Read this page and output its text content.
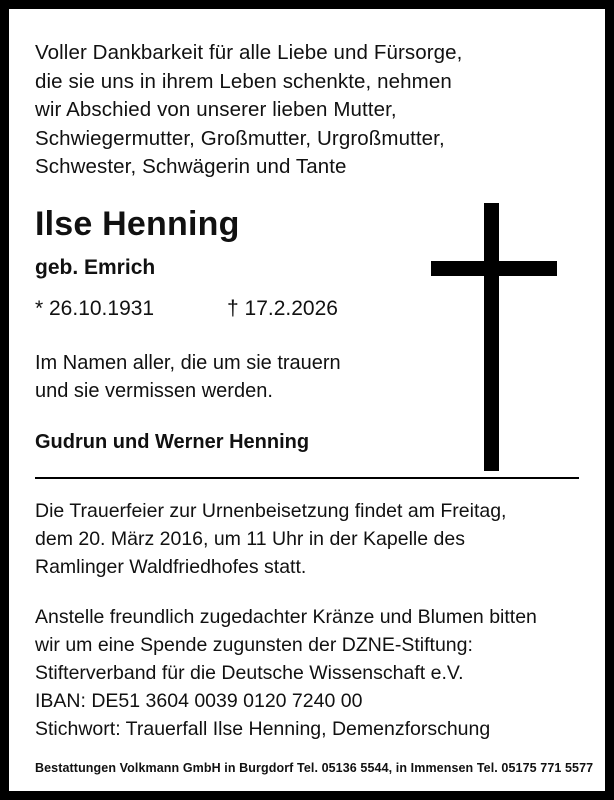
Voller Dankbarkeit für alle Liebe und Fürsorge,
die sie uns in ihrem Leben schenkte, nehmen
wir Abschied von unserer lieben Mutter,
Schwiegermutter, Großmutter, Urgroßmutter,
Schwester, Schwägerin und Tante
Ilse Henning
geb. Emrich
* 26.10.1931	† 17.2.2026
Im Namen aller, die um sie trauern
und sie vermissen werden.
Gudrun und Werner Henning
Die Trauerfeier zur Urnenbeisetzung findet am Freitag,
dem 20. März 2016, um 11 Uhr in der Kapelle des
Ramlinger Waldfriedhofes statt.
Anstelle freundlich zugedachter Kränze und Blumen bitten
wir um eine Spende zugunsten der DZNE-Stiftung:
Stifterverband für die Deutsche Wissenschaft e.V.
IBAN: DE51 3604 0039 0120 7240 00
Stichwort: Trauerfall Ilse Henning, Demenzforschung
Bestattungen Volkmann GmbH in Burgdorf Tel. 05136 5544, in Immensen Tel. 05175 771 5577
